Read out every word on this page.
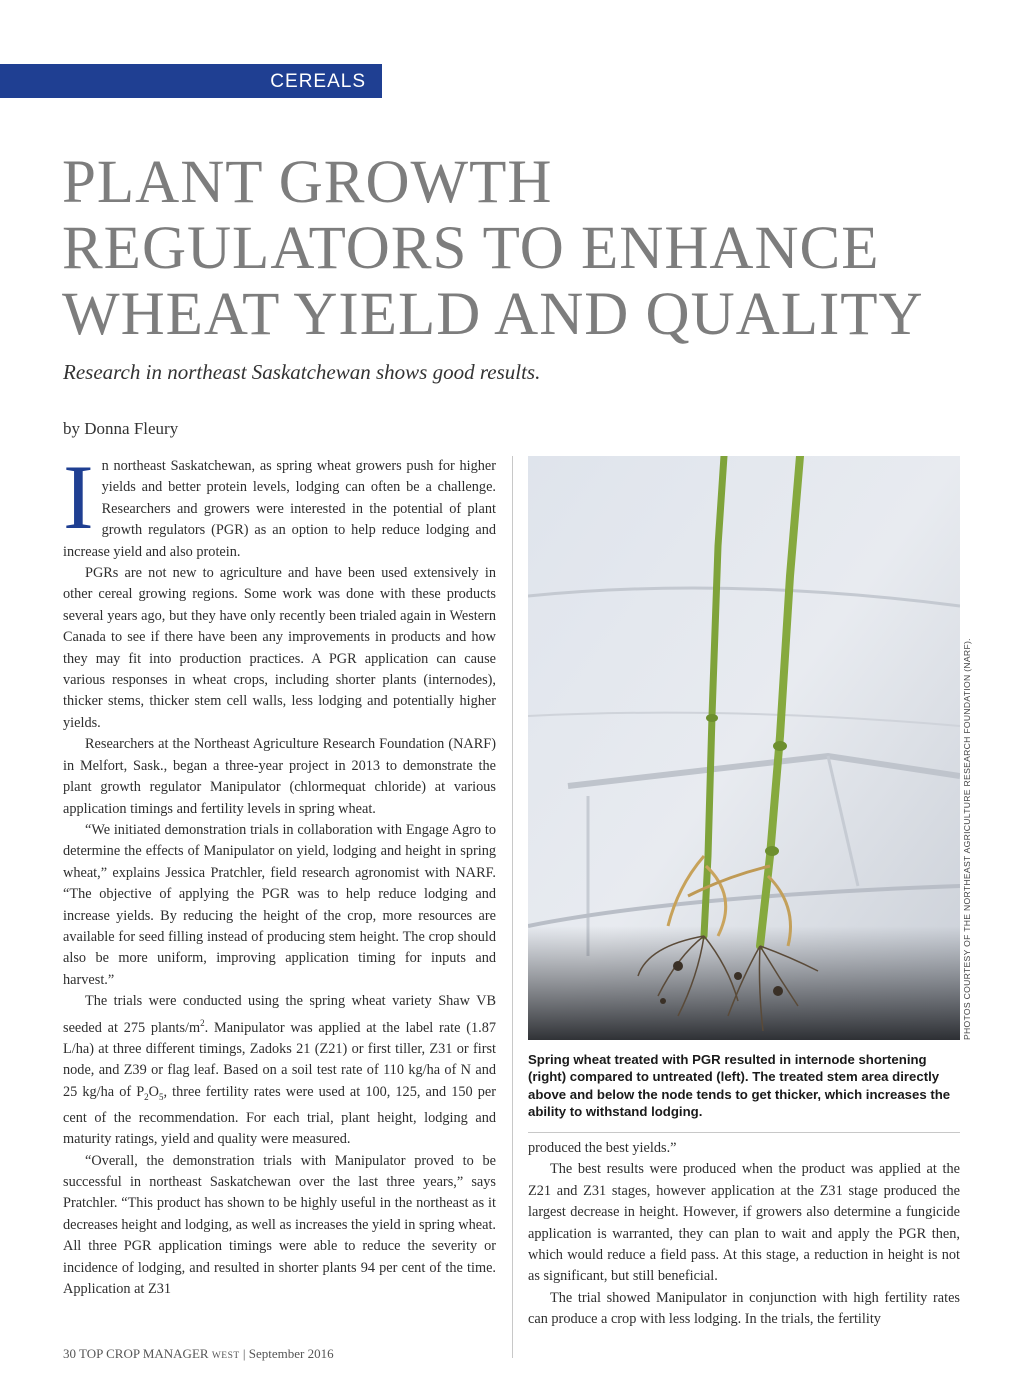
CEREALS
PLANT GROWTH
REGULATORS TO ENHANCE
WHEAT YIELD AND QUALITY
Research in northeast Saskatchewan shows good results.
by Donna Fleury

In northeast Saskatchewan, as spring wheat growers push for higher yields and better protein levels, lodging can often be a challenge. Researchers and growers were interested in the potential of plant growth regulators (PGR) as an option to help reduce lodging and increase yield and also protein.

PGRs are not new to agriculture and have been used extensively in other cereal growing regions. Some work was done with these products several years ago, but they have only recently been trialed again in Western Canada to see if there have been any improvements in products and how they may fit into production practices. A PGR application can cause various responses in wheat crops, including shorter plants (internodes), thicker stems, thicker stem cell walls, less lodging and potentially higher yields.

Researchers at the Northeast Agriculture Research Foundation (NARF) in Melfort, Sask., began a three-year project in 2013 to demonstrate the plant growth regulator Manipulator (chlormequat chloride) at various application timings and fertility levels in spring wheat.

“We initiated demonstration trials in collaboration with Engage Agro to determine the effects of Manipulator on yield, lodging and height in spring wheat,” explains Jessica Pratchler, field research agronomist with NARF. “The objective of applying the PGR was to help reduce lodging and increase yields. By reducing the height of the crop, more resources are available for seed filling instead of producing stem height. The crop should also be more uniform, improving application timing for inputs and harvest.”

The trials were conducted using the spring wheat variety Shaw VB seeded at 275 plants/$m^2$. Manipulator was applied at the label rate (1.87 L/ha) at three different timings, Zadoks 21 (Z21) or first tiller, Z31 or first node, and Z39 or flag leaf. Based on a soil test rate of 110 kg/ha of N and 25 kg/ha of $P_2O_5$, three fertility rates were used at 100, 125, and 150 per cent of the recommendation. For each trial, plant height, lodging and maturity ratings, yield and quality were measured.

“Overall, the demonstration trials with Manipulator proved to be successful in northeast Saskatchewan over the last three years,” says Pratchler. “This product has shown to be highly useful in the northeast as it decreases height and lodging, as well as increases the yield in spring wheat. All three PGR application timings were able to reduce the severity or incidence of lodging, and resulted in shorter plants 94 per cent of the time. Application at Z31

PHOTOS COURTESY OF THE NORTHEAST AGRICULTURE RESEARCH FOUNDATION (NARF).
Spring wheat treated with PGR resulted in internode shortening (right) compared to untreated (left). The treated stem area directly above and below the node tends to get thicker, which increases the ability to withstand lodging.

produced the best yields.”

The best results were produced when the product was applied at the Z21 and Z31 stages, however application at the Z31 stage produced the largest decrease in height. However, if growers also determine a fungicide application is warranted, they can plan to wait and apply the PGR then, which would reduce a field pass. At this stage, a reduction in height is not as significant, but still beneficial.

The trial showed Manipulator in conjunction with high fertility rates can produce a crop with less lodging. In the trials, the fertility

30 TOP CROP MANAGER WEST | September 2016
